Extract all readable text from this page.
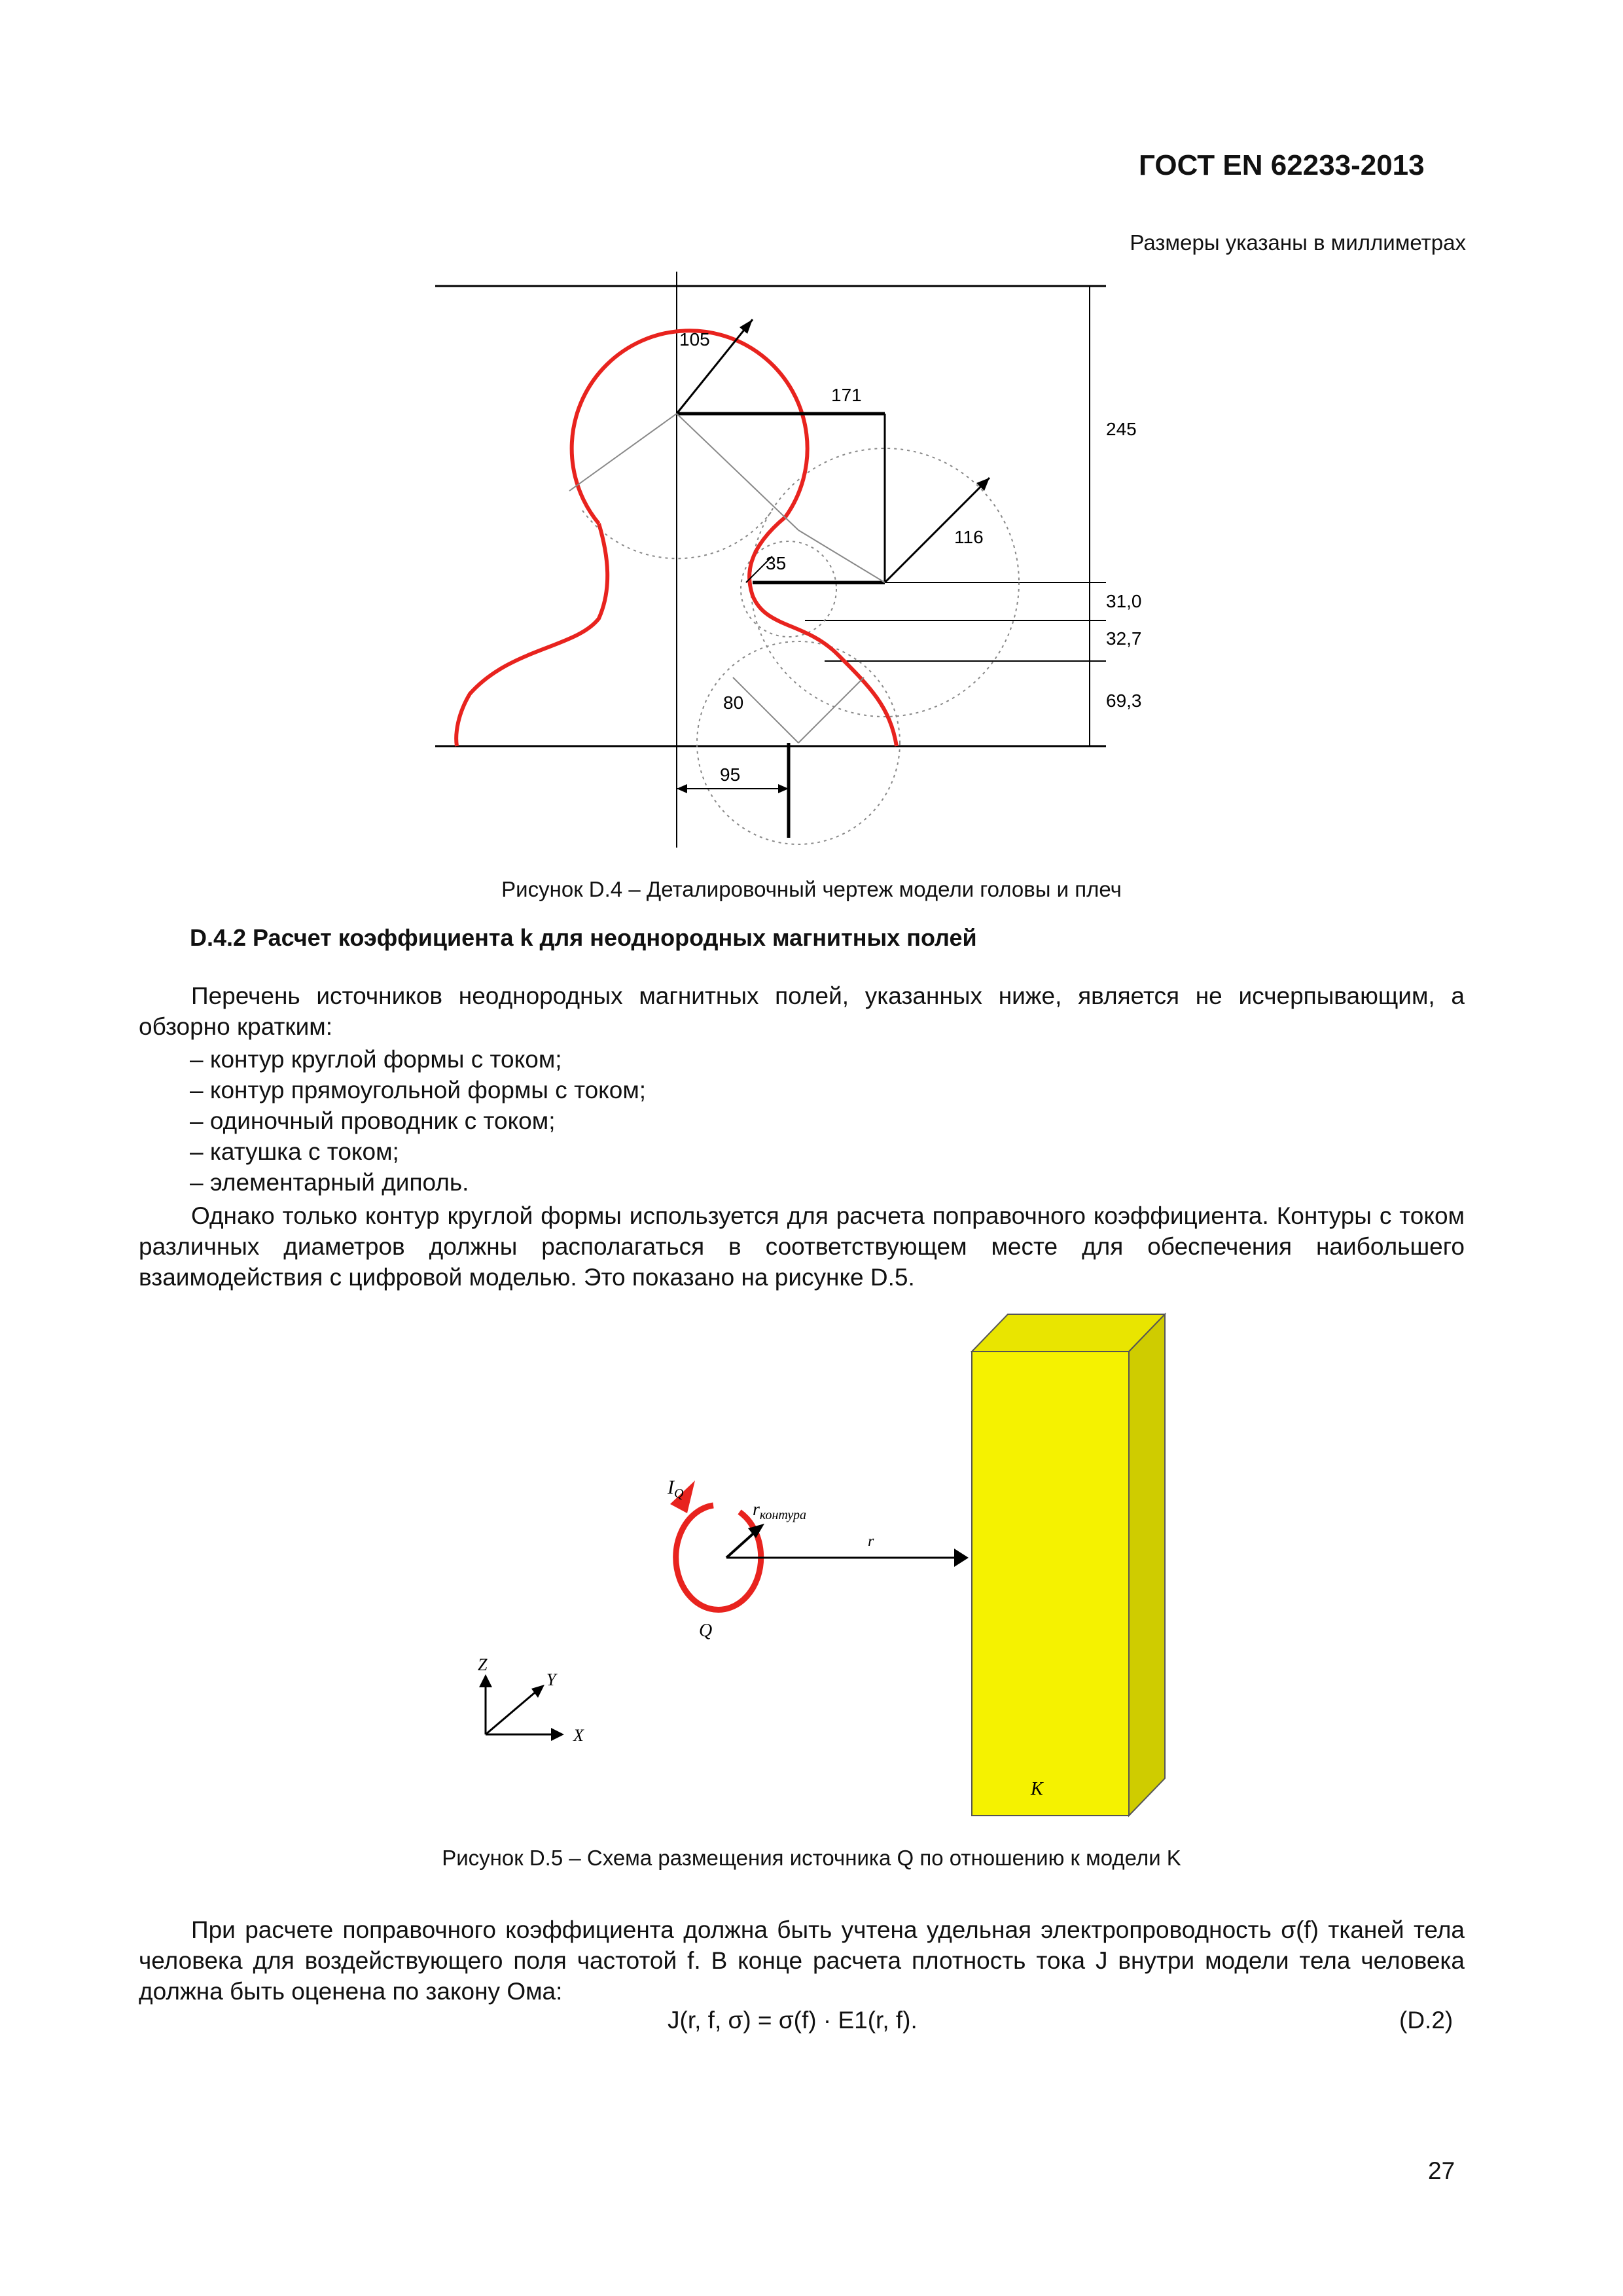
ГОСТ EN 62233-2013
Размеры указаны в миллиметрах
105
171
116
35
80
95
245
31,0
32,7
69,3
Рисунок D.4 – Деталировочный чертеж модели головы и плеч
D.4.2 Расчет коэффициента k для неоднородных магнитных полей
Перечень источников неоднородных магнитных полей, указанных ниже, является не исчерпывающим, а обзорно кратким:
– контур круглой формы с током;
– контур прямоугольной формы с током;
– одиночный проводник с током;
– катушка с током;
– элементарный диполь.
Однако только контур круглой формы используется для расчета поправочного коэффициента. Контуры с током различных диаметров должны располагаться в соответствующем месте для обеспечения наибольшего взаимодействия с цифровой моделью. Это показано на рисунке D.5.
K
$I_Q$
$r_{контура}$
r
Q
Z
Y
X
Рисунок D.5 – Схема размещения источника Q по отношению к модели K
При расчете поправочного коэффициента должна быть учтена удельная электропроводность σ(f) тканей тела человека для воздействующего поля частотой f. В конце расчета плотность тока J внутри модели тела человека должна быть оценена по закону Ома:
J(r, f, σ) = σ(f) · E1(r, f).	(D.2)
27
